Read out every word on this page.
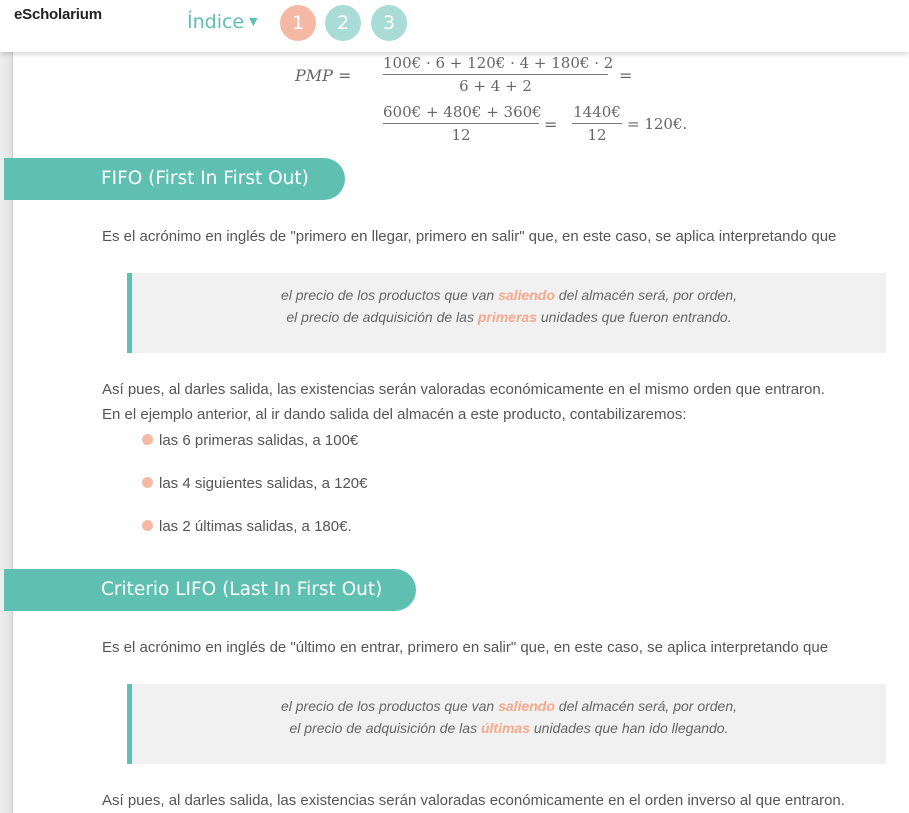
PMP =
100€ · 6 + 120€ · 4 + 180€ · 2
6 + 4 + 2
=
600€ + 480€ + 360€
12
=
1440€
12
= 120€.
FIFO (First In First Out)
Es el acrónimo en inglés de "primero en llegar, primero en salir" que, en este caso, se aplica interpretando que
el precio de los productos que van saliendo del almacén será, por orden,
el precio de adquisición de las primeras unidades que fueron entrando.
Así pues, al darles salida, las existencias serán valoradas económicamente en el mismo orden que entraron.
En el ejemplo anterior, al ir dando salida del almacén a este producto, contabilizaremos:
las 6 primeras salidas, a 100€
las 4 siguientes salidas, a 120€
las 2 últimas salidas, a 180€.
Criterio LIFO (Last In First Out)
Es el acrónimo en inglés de "último en entrar, primero en salir" que, en este caso, se aplica interpretando que
el precio de los productos que van saliendo del almacén será, por orden,
el precio de adquisición de las últimas unidades que han ido llegando.
Así pues, al darles salida, las existencias serán valoradas económicamente en el orden inverso al que entraron.
eScholarium	Índice ▼	1	2	3
